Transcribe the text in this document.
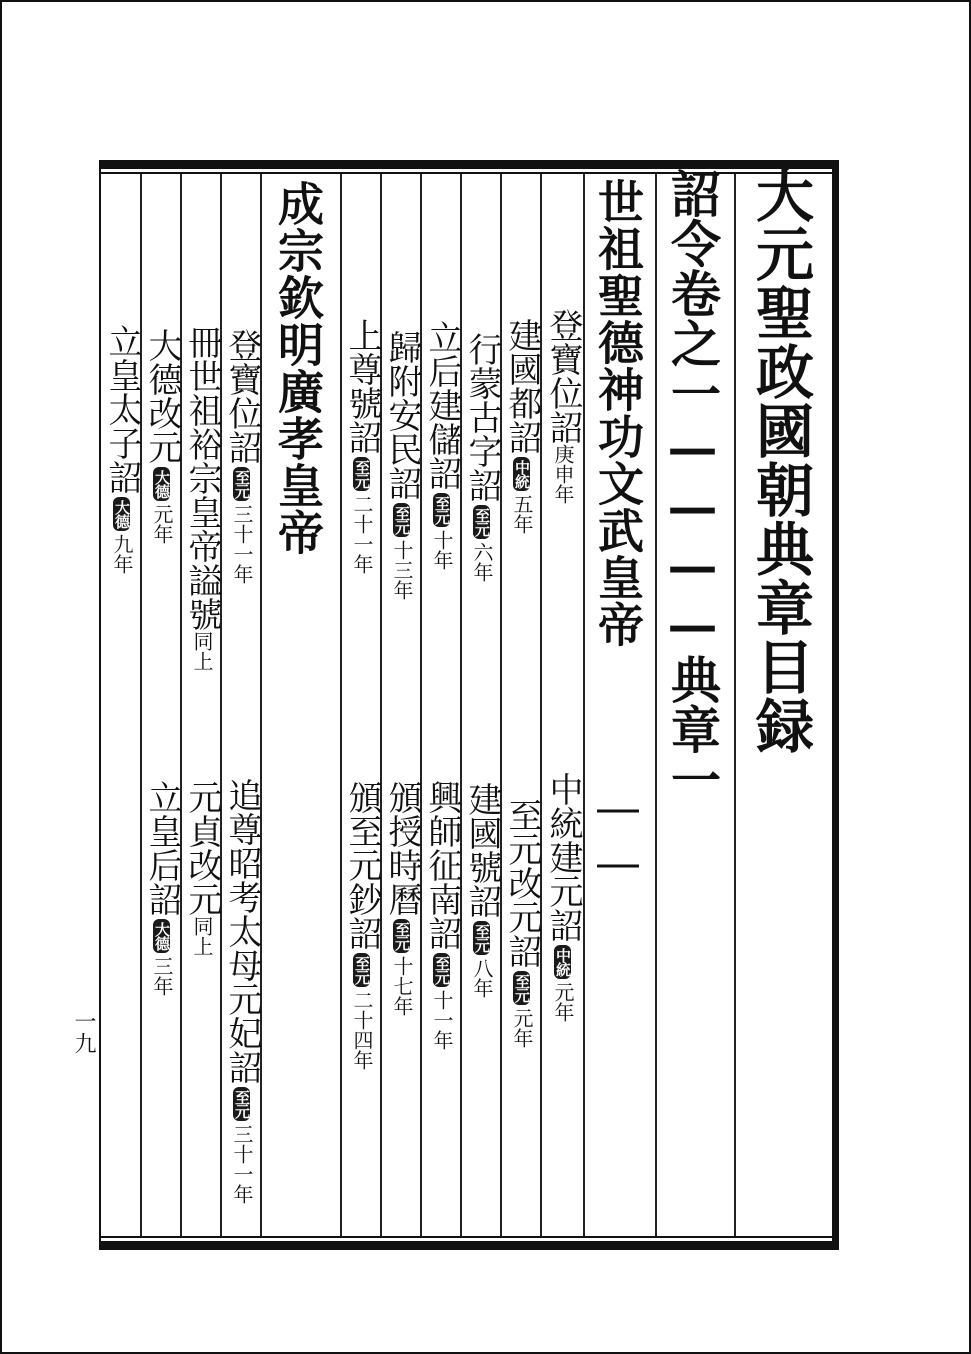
大元聖政國朝典章目録
詔令卷之一————典章一
世祖聖德神功文武皇帝
——
登寶位詔庚申年
中統建元詔中統元年
建國都詔中統五年
至元改元詔至元元年
行蒙古字詔至元六年
建國號詔至元八年
立后建儲詔至元十年
興師征南詔至元十一年
歸附安民詔至元十三年
頒授時曆至元十七年
上尊號詔至元二十一年
頒至元鈔詔至元二十四年
成宗欽明廣孝皇帝
登寶位詔至元三十一年
追尊昭考太母元妃詔至元三十一年
冊世祖裕宗皇帝謚號同上
元貞改元同上
大德改元大德元年
立皇后詔大德三年
立皇太子詔大德九年
一九
